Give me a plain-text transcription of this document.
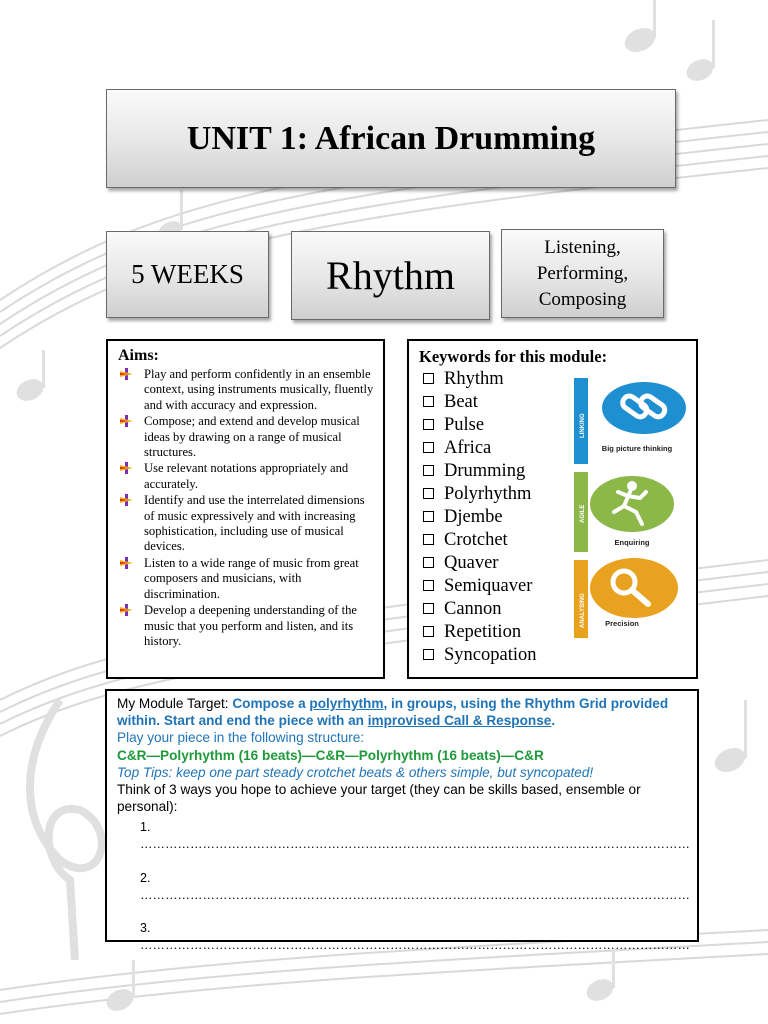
UNIT 1: African Drumming
5 WEEKS Rhythm
Listening,
Performing,
Composing
Aims:
Play and perform confidently in an ensemble context, using instruments musically, fluently and with accuracy and expression.
Compose; and extend and develop musical ideas by drawing on a range of musical structures.
Use relevant notations appropriately and accurately.
Identify and use the interrelated dimensions of music expressively and with increasing sophistication, including use of musical devices.
Listen to a wide range of music from great composers and musicians, with discrimination.
Develop a deepening understanding of the music that you perform and listen, and its history.
Keywords for this module:
Rhythm
Beat
Pulse
Africa
Drumming
Polyrhythm
Djembe
Crotchet
Quaver
Semiquaver
Cannon
Repetition
Syncopation
LINKING
Big picture thinking
AGILE
Enquiring
ANALYSING	Precision
My Module Target: Compose a polyrhythm, in groups, using the Rhythm Grid provided within. Start and end the piece with an improvised Call & Response.
Play your piece in the following structure:
C&R—Polyrhythm (16 beats)—C&R—Polyrhythm (16 beats)—C&R
Top Tips: keep one part steady crotchet beats & others simple, but syncopated!
Think of 3 ways you hope to achieve your target (they can be skills based, ensemble or personal):
1.……………………………………………………………………………………………………………………
2.……………………………………………………………………………………………………………………
3.……………………………………………………………………………………………………………………
